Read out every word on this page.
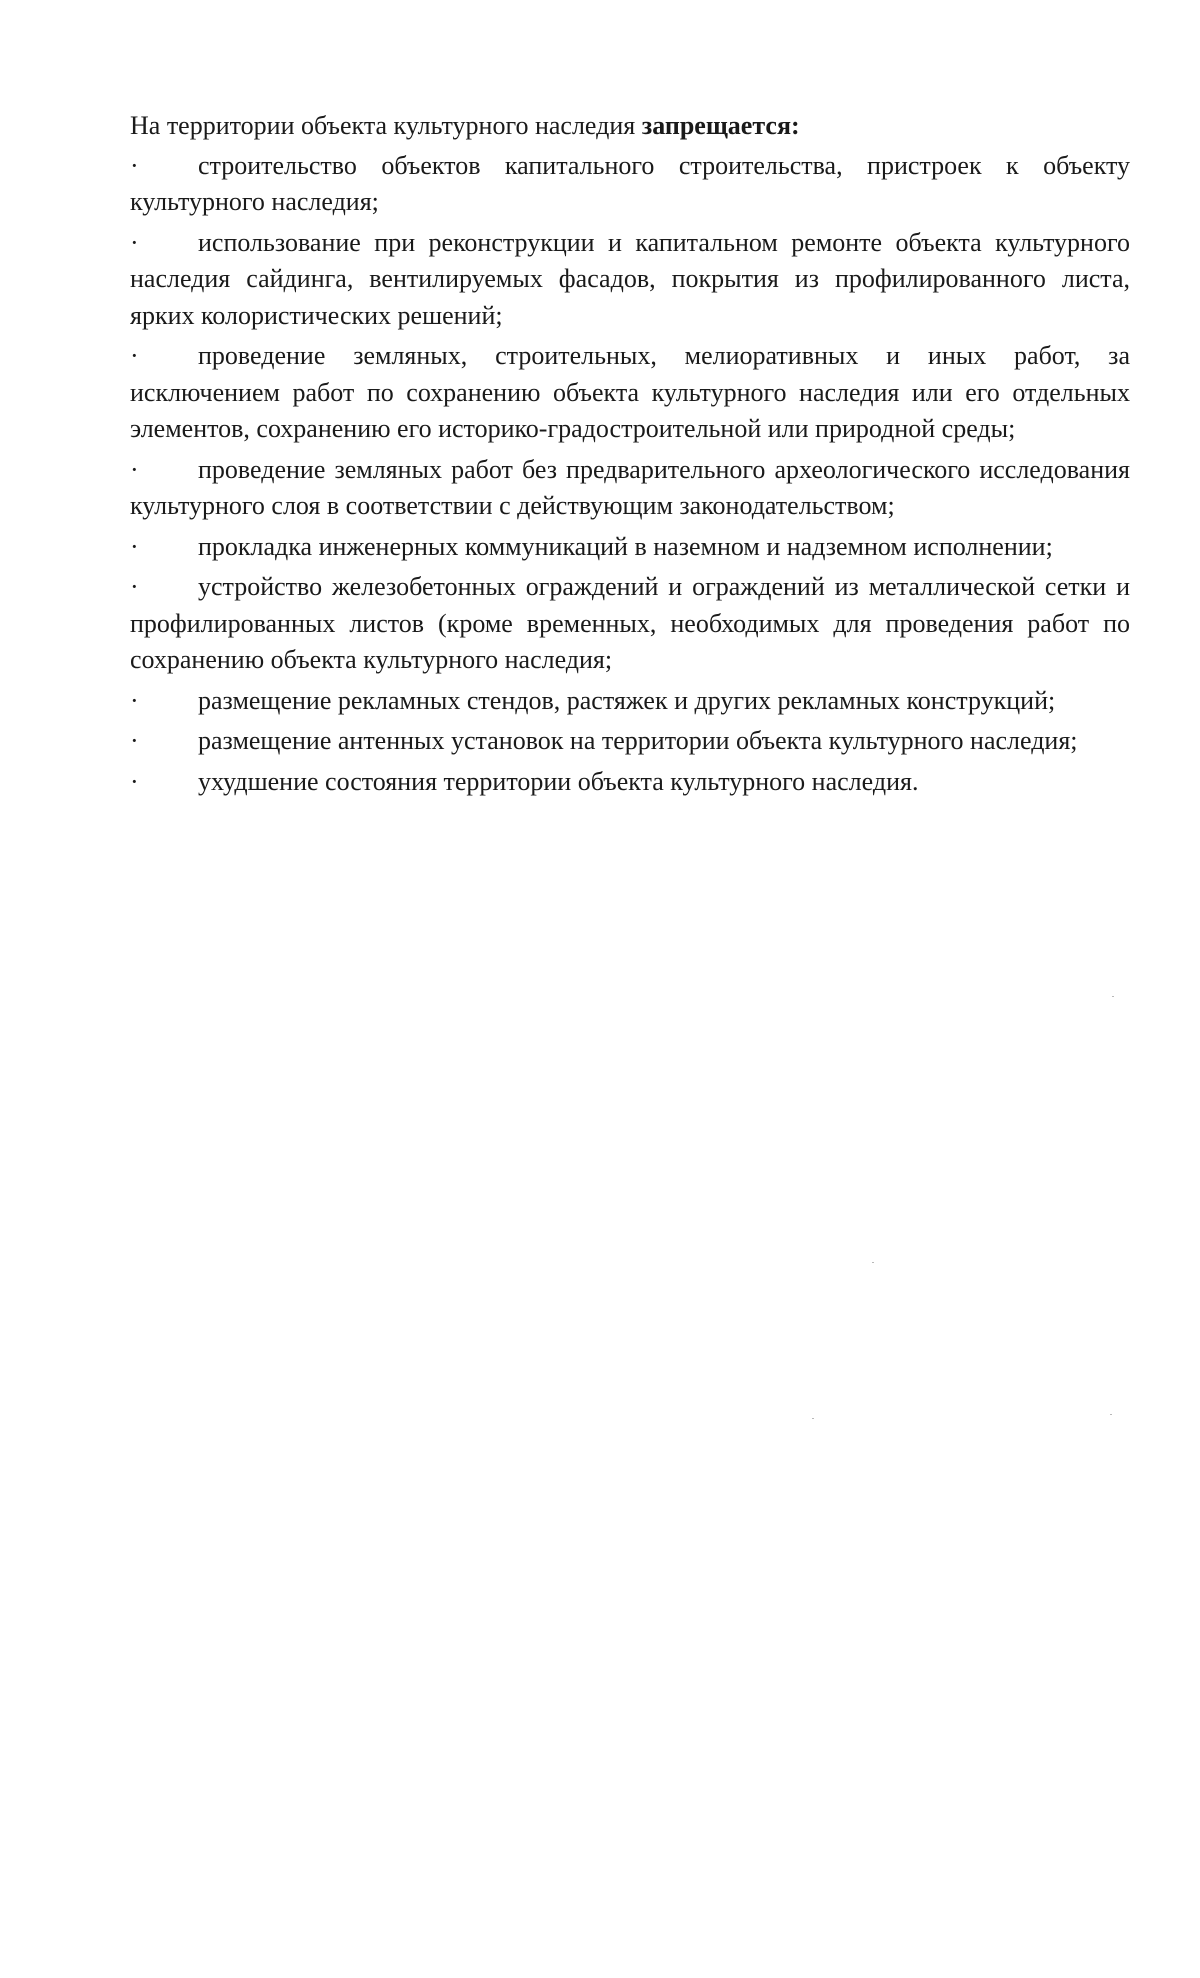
На территории объекта культурного наследия запрещается:

·	строительство объектов капитального строительства, пристроек к объекту культурного наследия;
·	использование при реконструкции и капитальном ремонте объекта культурного наследия сайдинга, вентилируемых фасадов, покрытия из профилированного листа, ярких колористических решений;
·	проведение земляных, строительных, мелиоративных и иных работ, за исключением работ по сохранению объекта культурного наследия или его отдельных элементов, сохранению его историко-градостроительной или природной среды;
·	проведение земляных работ без предварительного археологического исследования культурного слоя в соответствии с действующим законодательством;
·	прокладка инженерных коммуникаций в наземном и надземном исполнении;
·	устройство железобетонных ограждений и ограждений из металлической сетки и профилированных листов (кроме временных, необходимых для проведения работ по сохранению объекта культурного наследия;
·	размещение рекламных стендов, растяжек и других рекламных конструкций;
·	размещение антенных установок на территории объекта культурного наследия;
·	ухудшение состояния территории объекта культурного наследия.
